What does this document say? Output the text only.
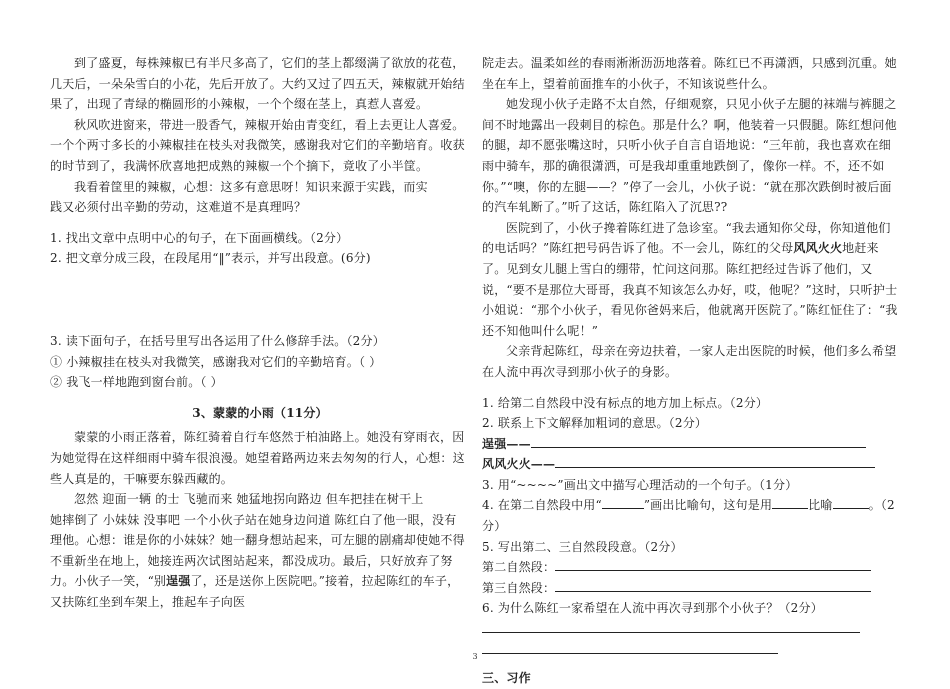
到了盛夏，每株辣椒已有半尺多高了，它们的茎上都缀满了欲放的花苞，几天后，一朵朵雪白的小花，先后开放了。大约又过了四五天，辣椒就开始结果了，出现了青绿的椭圆形的小辣椒，一个个缀在茎上，真惹人喜爱。

秋风吹进窗来，带进一股香气，辣椒开始由青变红，看上去更让人喜爱。一个个两寸多长的小辣椒挂在枝头对我微笑，感谢我对它们的辛勤培育。收获的时节到了，我满怀欣喜地把成熟的辣椒一个个摘下，竟收了小半筐。

我看着筐里的辣椒，心想：这多有意思呀！知识来源于实践，而实

践又必须付出辛勤的劳动，这难道不是真理吗？

1. 找出文章中点明中心的句子，在下面画横线。（2分）

2. 把文章分成三段，在段尾用“‖”表示，并写出段意。(6分)

3. 读下面句子，在括号里写出各运用了什么修辞手法。（2分）

① 小辣椒挂在枝头对我微笑，感谢我对它们的辛勤培育。（ ）

② 我飞一样地跑到窗台前。（ ）

3、蒙蒙的小雨（11分）

蒙蒙的小雨正落着，陈红骑着自行车悠然于柏油路上。她没有穿雨衣，因为她觉得在这样细雨中骑车很浪漫。她望着路两边来去匆匆的行人，心想：这些人真是的，干嘛要东躲西藏的。

忽然 迎面一辆 的士 飞驰而来 她猛地拐向路边 但车把挂在树干上

她摔倒了 小妹妹 没事吧 一个小伙子站在她身边问道 陈红白了他一眼，没有

理他。心想：谁是你的小妹妹？她一翻身想站起来，可左腿的剧痛却使她不得不重新坐在地上，她接连两次试图站起来，都没成功。最后，只好放弃了努力。小伙子一笑，“别逞强了，还是送你上医院吧。”接着，拉起陈红的车子，又扶陈红坐到车架上，推起车子向医

院走去。温柔如丝的春雨淅淅沥沥地落着。陈红已不再潇洒，只感到沉重。她坐在车上，望着前面推车的小伙子，不知该说些什么。

她发现小伙子走路不太自然，仔细观察，只见小伙子左腿的袜端与裤腿之间不时地露出一段刺目的棕色。那是什么？啊，他装着一只假腿。陈红想问他的腿，却不愿张嘴这时，只听小伙子自言自语地说：“三年前，我也喜欢在细雨中骑车，那的确很潇洒，可是我却重重地跌倒了，像你一样。不，还不如你。”“噢，你的左腿——？”停了一会儿，小伙子说：“就在那次跌倒时被后面的汽车轧断了。”听了这话，陈红陷入了沉思??

医院到了，小伙子搀着陈红进了急诊室。“我去通知你父母，你知道他们的电话吗？”陈红把号码告诉了他。不一会儿，陈红的父母风风火火地赶来了。见到女儿腿上雪白的绷带，忙问这问那。陈红把经过告诉了他们，又说，“要不是那位大哥哥，我真不知该怎么办好，哎，他呢？”这时，只听护士小姐说：“那个小伙子，看见你爸妈来后，他就离开医院了。”陈红怔住了：“我还不知他叫什么呢！”

父亲背起陈红，母亲在旁边扶着，一家人走出医院的时候，他们多么希望在人流中再次寻到那小伙子的身影。

1. 给第二自然段中没有标点的地方加上标点。（2分）

2. 联系上下文解释加粗词的意思。（2分）

逞强——

风风火火——

3. 用“~~~~”画出文中描写心理活动的一个句子。（1分）

4. 在第二自然段中用“	”画出比喻句，这句是用	比喻	。（2分）

5. 写出第二、三自然段段意。（2分）

第二自然段：

第三自然段：

6. 为什么陈红一家希望在人流中再次寻到那个小伙子？（2分）

三、习作

3
